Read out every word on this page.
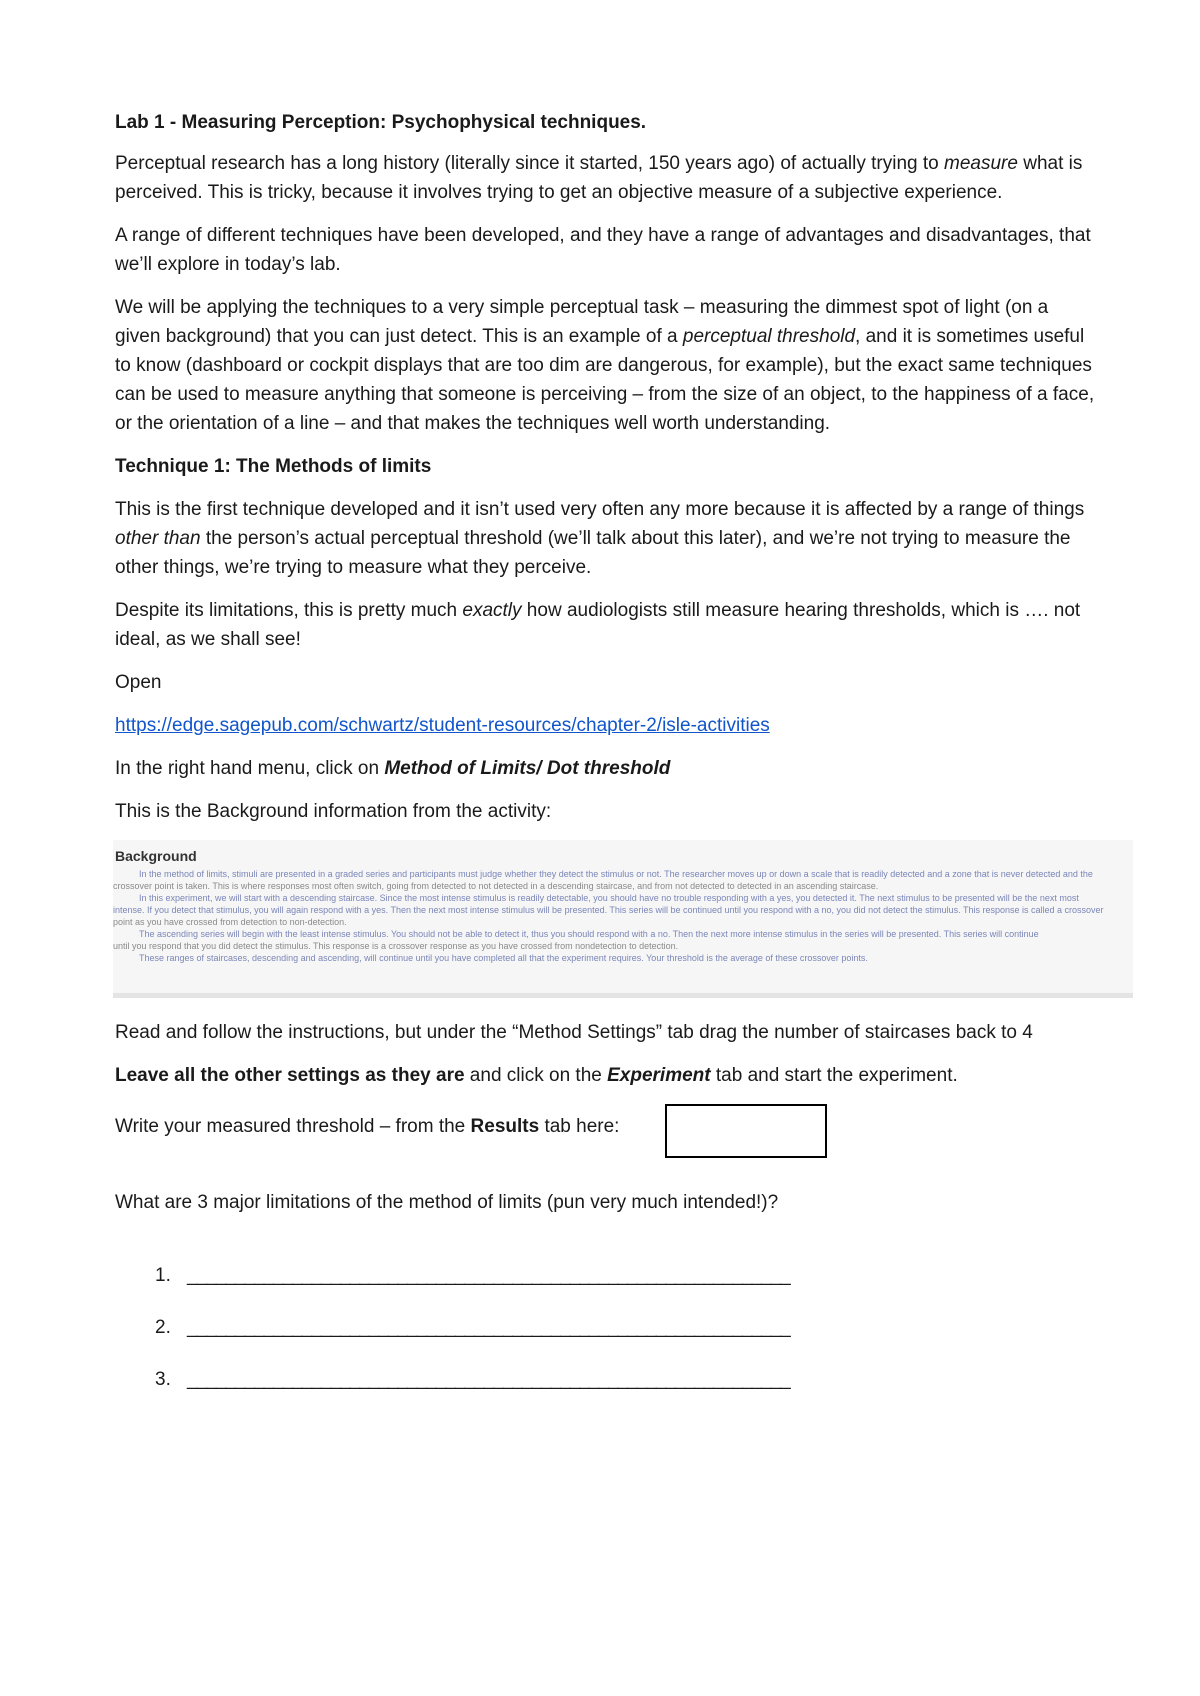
Lab 1 - Measuring Perception: Psychophysical techniques.

Perceptual research has a long history (literally since it started, 150 years ago) of actually trying to measure what is perceived. This is tricky, because it involves trying to get an objective measure of a subjective experience.

A range of different techniques have been developed, and they have a range of advantages and disadvantages, that we’ll explore in today’s lab.

We will be applying the techniques to a very simple perceptual task – measuring the dimmest spot of light (on a given background) that you can just detect. This is an example of a perceptual threshold, and it is sometimes useful to know (dashboard or cockpit displays that are too dim are dangerous, for example), but the exact same techniques can be used to measure anything that someone is perceiving – from the size of an object, to the happiness of a face, or the orientation of a line – and that makes the techniques well worth understanding.

Technique 1: The Methods of limits

This is the first technique developed and it isn’t used very often any more because it is affected by a range of things other than the person’s actual perceptual threshold (we’ll talk about this later), and we’re not trying to measure the other things, we’re trying to measure what they perceive.

Despite its limitations, this is pretty much exactly how audiologists still measure hearing thresholds, which is …. not ideal, as we shall see!

Open

https://edge.sagepub.com/schwartz/student-resources/chapter-2/isle-activities

In the right hand menu, click on Method of Limits/ Dot threshold

This is the Background information from the activity:

Background
In the method of limits, stimuli are presented in a graded series and participants must judge whether they detect the stimulus or not. The researcher moves up or down a scale that is readily detected and a zone that is never detected and the
crossover point is taken. This is where responses most often switch, going from detected to not detected in a descending staircase, and from not detected to detected in an ascending staircase.
In this experiment, we will start with a descending staircase. Since the most intense stimulus is readily detectable, you should have no trouble responding with a yes, you detected it. The next stimulus to be presented will be the next most
intense. If you detect that stimulus, you will again respond with a yes. Then the next most intense stimulus will be presented. This series will be continued until you respond with a no, you did not detect the stimulus. This response is called a crossover
point as you have crossed from detection to non-detection.
The ascending series will begin with the least intense stimulus. You should not be able to detect it, thus you should respond with a no. Then the next more intense stimulus in the series will be presented. This series will continue
until you respond that you did detect the stimulus. This response is a crossover response as you have crossed from nondetection to detection.
These ranges of staircases, descending and ascending, will continue until you have completed all that the experiment requires. Your threshold is the average of these crossover points.

Read and follow the instructions, but under the “Method Settings” tab drag the number of staircases back to 4

Leave all the other settings as they are and click on the Experiment tab and start the experiment.

Write your measured threshold – from the Results tab here:

What are 3 major limitations of the method of limits (pun very much intended!)?

1. _______________________________________________________________
2. _______________________________________________________________
3. _______________________________________________________________
